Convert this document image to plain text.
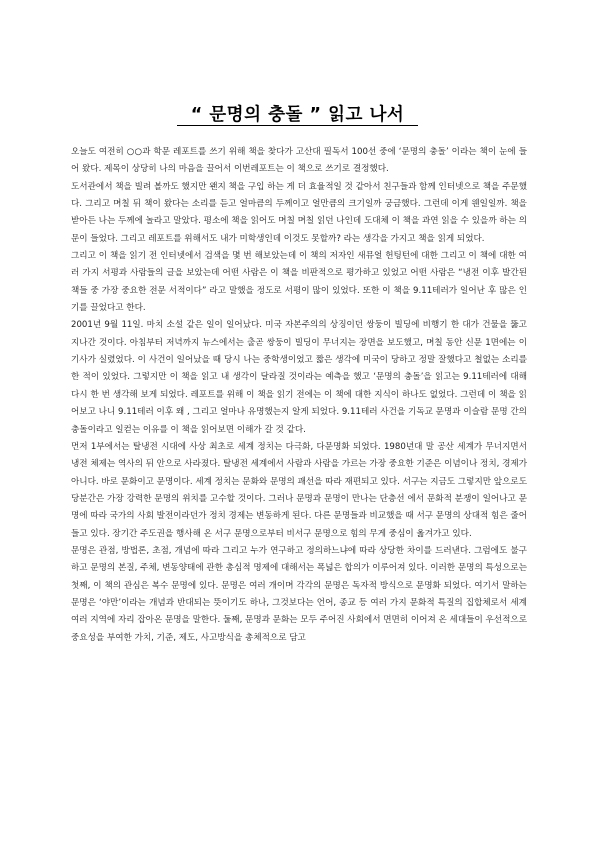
“ 문명의 충돌 ” 읽고 나서

오늘도 여전히 ○○과 학문 레포트를 쓰기 위해 책을 찾다가 고산대 필독서 100선 중에 ‘문명의 충돌’ 이라는 책이 눈에 들어 왔다. 제목이 상당히 나의 마음을 끌어서 이번레포트는 이 책으로 쓰기로 결정했다.

도서관에서 책을 빌려 볼까도 했지만 왠지 책을 구입 하는 게 더 효율적일 것 같아서 친구들과 함께 인터넷으로 책을 주문했다. 그리고 며칠 뒤 책이 왔다는 소리를 듣고 얼마큼의 두께이고 얼만큼의 크기일까 궁금했다. 그런데 이게 웬일일까. 책을 받아든 나는 두께에 놀라고 말았다. 평소에 책을 읽어도 며칠 며칠 읽던 나인데 도대체 이 책을 과연 읽을 수 있을까 하는 의문이 들었다. 그리고 레포트를 위해서도 내가 미학생인데 이것도 못할까? 라는 생각을 가지고 책을 읽게 되었다.

그리고 이 책을 읽기 전 인터넷에서 검색을 몇 번 해보았는데 이 책의 저자인 새뮤얼 헌팅턴에 대한 그리고 이 책에 대한 여러 가지 서평과 사람들의 글을 보았는데 어떤 사람은 이 책을 비판적으로 평가하고 있었고 어떤 사람은 “냉전 이후 발간된 책들 중 가장 중요한 전문 서적이다” 라고 말했을 정도로 서평이 많이 있었다. 또한 이 책을 9.11테러가 일어난 후 많은 인기를 끌었다고 한다.

2001년 9월 11일. 마치 소설 같은 일이 일어났다. 미국 자본주의의 상징이던 쌍둥이 빌딩에 비행기 한 대가 건물을 뚫고 지나간 것이다. 아침부터 저녁까지 뉴스에서는 출곧 쌍둥이 빌딩이 무너지는 장면을 보도했고, 며칠 동안 신문 1면에는 이 기사가 실렸었다. 이 사건이 일어났을 때 당시 나는 중학생이었고 짧은 생각에 미국이 당하고 정말 잘했다고 철없는 소리를 한 적이 있었다. 그렇지만 이 책을 읽고 내 생각이 달라질 것이라는 예측을 했고 ‘문명의 충돌’을 읽고는 9.11테러에 대해 다시 한 번 생각해 보게 되었다. 레포트를 위해 이 책을 읽기 전에는 이 책에 대한 지식이 하나도 없었다. 그런데 이 책을 읽어보고 나니 9.11테러 이후 왜 , 그리고 얼마나 유명했는지 알게 되었다. 9.11테러 사건을 기독교 문명과 이슬람 문명 간의 충돌이라고 일컫는 이유를 이 책을 읽어보면 이해가 갈 것 같다.

먼저 1부에서는 탈냉전 시대에 사상 최초로 세계 정치는 다극화, 다문명화 되었다. 1980년대 말 공산 세계가 무너지면서 냉전 체제는 역사의 뒤 안으로 사라졌다. 탈냉전 세계에서 사람과 사람을 가르는 가장 중요한 기준은 이념이나 정치, 경제가 아니다. 바로 문화이고 문명이다. 세계 정치는 문화와 문명의 괘선을 따라 재편되고 있다. 서구는 지금도 그렇지만 앞으로도 당분간은 가장 강력한 문명의 위치를 고수할 것이다. 그러나 문명과 문명이 만나는 단층선 에서 문화적 분쟁이 일어나고 문명에 따라 국가의 사회 발전이라던가 정치 경제는 변동하게 된다. 다른 문명들과 비교했을 때 서구 문명의 상대적 힘은 줄어들고 있다. 장기간 주도권을 행사해 온 서구 문명으로부터 비서구 문명으로 힘의 무게 중심이 옮겨가고 있다.

문명은 관점, 방법론, 초점, 개념에 따라 그리고 누가 연구하고 정의하느냐에 따라 상당한 차이를 드러낸다. 그럼에도 불구하고 문명의 본질, 주체, 변동양태에 관한 총심적 명제에 대해서는 폭넓은 합의가 이루어져 있다. 이러한 문명의 특성으로는 첫째, 이 책의 관심은 복수 문명에 있다. 문명은 여러 개이며 각각의 문명은 독자적 방식으로 문명화 되었다. 여기서 말하는 문명은 ‘야만’이라는 개념과 반대되는 뜻이기도 하나, 그것보다는 언어, 종교 등 여러 가지 문화적 특질의 집합체로서 세계 여러 지역에 자리 잡아온 문명을 말한다. 둘째, 문명과 문화는 모두 주어진 사회에서 면면히 이어져 온 세대들이 우선적으로 중요성을 부여한 가치, 기준, 제도, 사고방식을 총체적으로 담고
